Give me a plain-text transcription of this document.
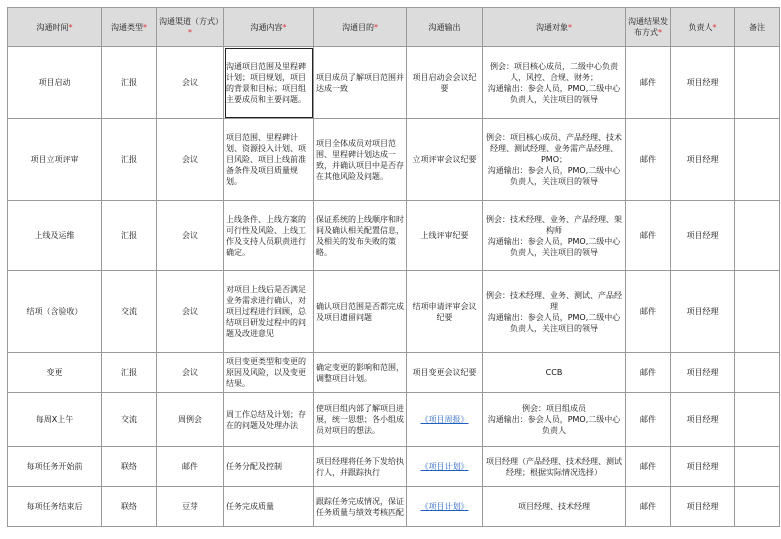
沟通时间*	沟通类型*	沟通渠道（方式）*	沟通内容*	沟通目的*	沟通输出	沟通对象*	沟通结果发布方式*	负责人*	备注
项目启动	汇报	会议	沟通项目范围及里程碑计划；项目规划，项目的背景和目标；项目组主要成员和主要问题。	项目成员了解项目范围并达成一致	项目启动会会议纪要	例会：项目核心成员，二级中心负责人，风控、合规、财务；
沟通输出：参会人员，PMO,二级中心负责人，关注项目的领导	邮件	项目经理	
项目立项评审	汇报	会议	项目范围、里程碑计划、资源投入计划、项目风险、项目上线前准备条件及项目质量规划。	项目全体成员对项目范围、里程碑计划达成一致，并确认项目中是否存在其他风险及问题。	立项评审会议纪要	例会：项目核心成员、产品经理、技术经理、测试经理、业务需产品经理、PMO；
沟通输出：参会人员，PMO,二级中心负责人，关注项目的领导	邮件	项目经理	
上线及运维	汇报	会议	上线条件、上线方案的可行性及风险、上线工作及支持人员职责进行确定。	保证系统的上线顺序和时间及确认相关配置信息，及相关的发布失败的策略。	上线评审纪要	例会：技术经理、业务、产品经理、架构师
沟通输出：参会人员，PMO,二级中心负责人，关注项目的领导	邮件	项目经理	
结项（含验收）	交流	会议	对项目上线后是否满足业务需求进行确认，对项目过程进行回顾，总结项目研发过程中的问题及改进意见	确认项目范围是否都完成及项目遗留问题	结项申请评审会议纪要	例会：技术经理、业务、测试、产品经理
沟通输出：参会人员，PMO,二级中心负责人，关注项目的领导	邮件	项目经理	
变更	汇报	会议	项目变更类型和变更的原因及风险，以及变更结果。	确定变更的影响和范围，调整项目计划。	项目变更会议纪要	CCB	邮件	项目经理	
每周X上午	交流	周例会	周工作总结及计划；存在的问题及处理办法	使项目组内部了解项目进展，统一思想；各小组成员对项目的想法。	《项目周报》	例会：项目组成员
沟通输出：参会人员，PMO,二级中心负责人	邮件	项目经理	
每项任务开始前	联络	邮件	任务分配及控制	项目经理将任务下发给执行人，并跟踪执行	《项目计划》	项目经理（产品经理、技术经理、测试经理；根据实际情况选择）	邮件	项目经理	
每项任务结束后	联络	豆芽	任务完成质量	跟踪任务完成情况，保证任务质量与绩效考核匹配	《项目计划》	项目经理、技术经理	邮件	项目经理	
